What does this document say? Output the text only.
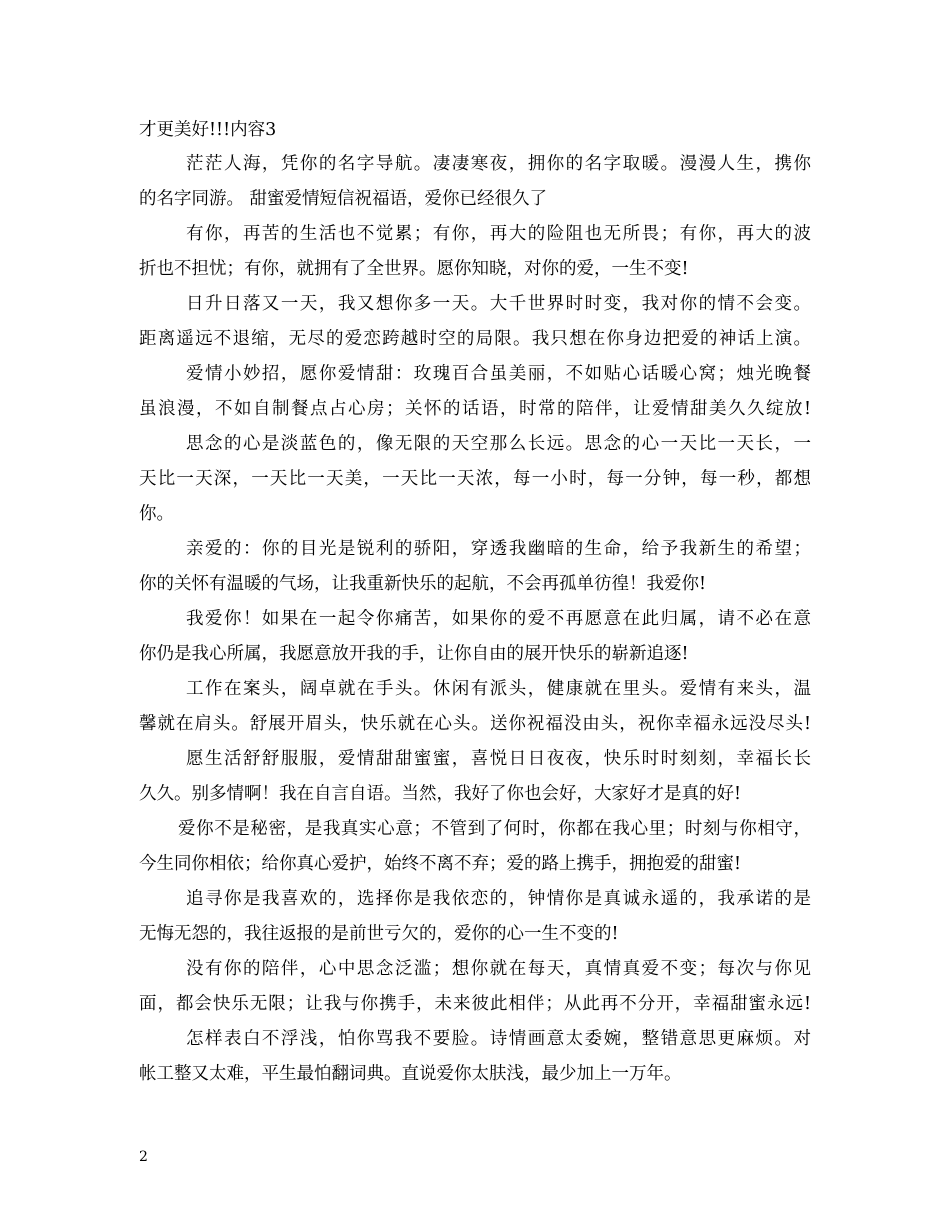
才更美好!!!内容3
茫茫人海，凭你的名字导航。凄凄寒夜，拥你的名字取暖。漫漫人生，携你
的名字同游。 甜蜜爱情短信祝福语，爱你已经很久了
有你，再苦的生活也不觉累；有你，再大的险阻也无所畏；有你，再大的波
折也不担忧；有你，就拥有了全世界。愿你知晓，对你的爱，一生不变!
日升日落又一天，我又想你多一天。大千世界时时变，我对你的情不会变。
距离遥远不退缩，无尽的爱恋跨越时空的局限。我只想在你身边把爱的神话上演。
爱情小妙招，愿你爱情甜：玫瑰百合虽美丽，不如贴心话暖心窝；烛光晚餐
虽浪漫，不如自制餐点占心房；关怀的话语，时常的陪伴，让爱情甜美久久绽放!
思念的心是淡蓝色的，像无限的天空那么长远。思念的心一天比一天长，一
天比一天深，一天比一天美，一天比一天浓，每一小时，每一分钟，每一秒，都想
你。
亲爱的：你的目光是锐利的骄阳，穿透我幽暗的生命，给予我新生的希望；
你的关怀有温暖的气场，让我重新快乐的起航，不会再孤单彷徨！我爱你!
我爱你！如果在一起令你痛苦，如果你的爱不再愿意在此归属，请不必在意
你仍是我心所属，我愿意放开我的手，让你自由的展开快乐的崭新追逐!
工作在案头，阔卓就在手头。休闲有派头，健康就在里头。爱情有来头，温
馨就在肩头。舒展开眉头，快乐就在心头。送你祝福没由头，祝你幸福永远没尽头!
愿生活舒舒服服，爱情甜甜蜜蜜，喜悦日日夜夜，快乐时时刻刻，幸福长长
久久。别多情啊！我在自言自语。当然，我好了你也会好，大家好才是真的好!
爱你不是秘密，是我真实心意；不管到了何时，你都在我心里；时刻与你相守，
今生同你相依；给你真心爱护，始终不离不弃；爱的路上携手，拥抱爱的甜蜜!
追寻你是我喜欢的，选择你是我依恋的，钟情你是真诚永遥的，我承诺的是
无悔无怨的，我往返报的是前世亏欠的，爱你的心一生不变的!
没有你的陪伴，心中思念泛滥；想你就在每天，真情真爱不变；每次与你见
面，都会快乐无限；让我与你携手，未来彼此相伴；从此再不分开，幸福甜蜜永远!
怎样表白不浮浅，怕你骂我不要脸。诗情画意太委婉，整错意思更麻烦。对
帐工整又太难，平生最怕翻词典。直说爱你太肤浅，最少加上一万年。
2
